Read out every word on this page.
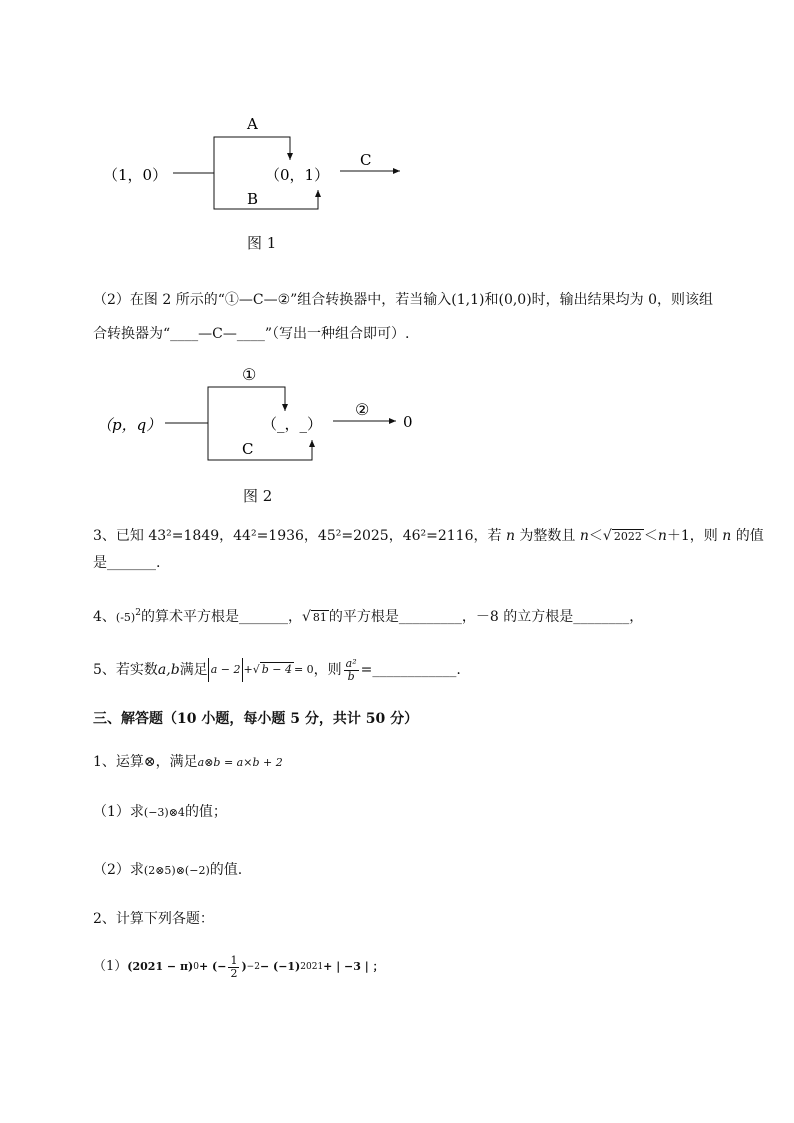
A
B
C
（1，0）	（0，1）
图 1
（2）在图 2 所示的“①—C—②”组合转换器中，若当输入(1,1)和(0,0)时，输出结果均为 0，则该组
合转换器为“____—C—____”（写出一种组合即可）.
①
C
②
（p，q）	（_，_）	0
图 2
3、已知 43²=1849，44²=1936，45²=2025，46²=2116，若 n 为整数且 n＜√ 2022 ＜n＋1，则 n 的值
是_______.
4、$(-5)^2$的算术平方根是_______，√ 81 的平方根是_________，－8 的立方根是________，
5、若实数 a,b 满足 a − 2 + √ b − 4 = 0 ，则 $\frac{\text{a²}}{b}$ =____________.
三、解答题（10 小题，每小题 5 分，共计 50 分）
1、运算⊗，满足a⊗b = a×b + 2
（1）求(−3)⊗4的值；
（2）求(2⊗5)⊗(−2)的值.
2、计算下列各题：
（1） (2021 − π) 0 + (− $\frac{1}{2}$ ) −2 − (−1) 2021 + | −3 | ；
